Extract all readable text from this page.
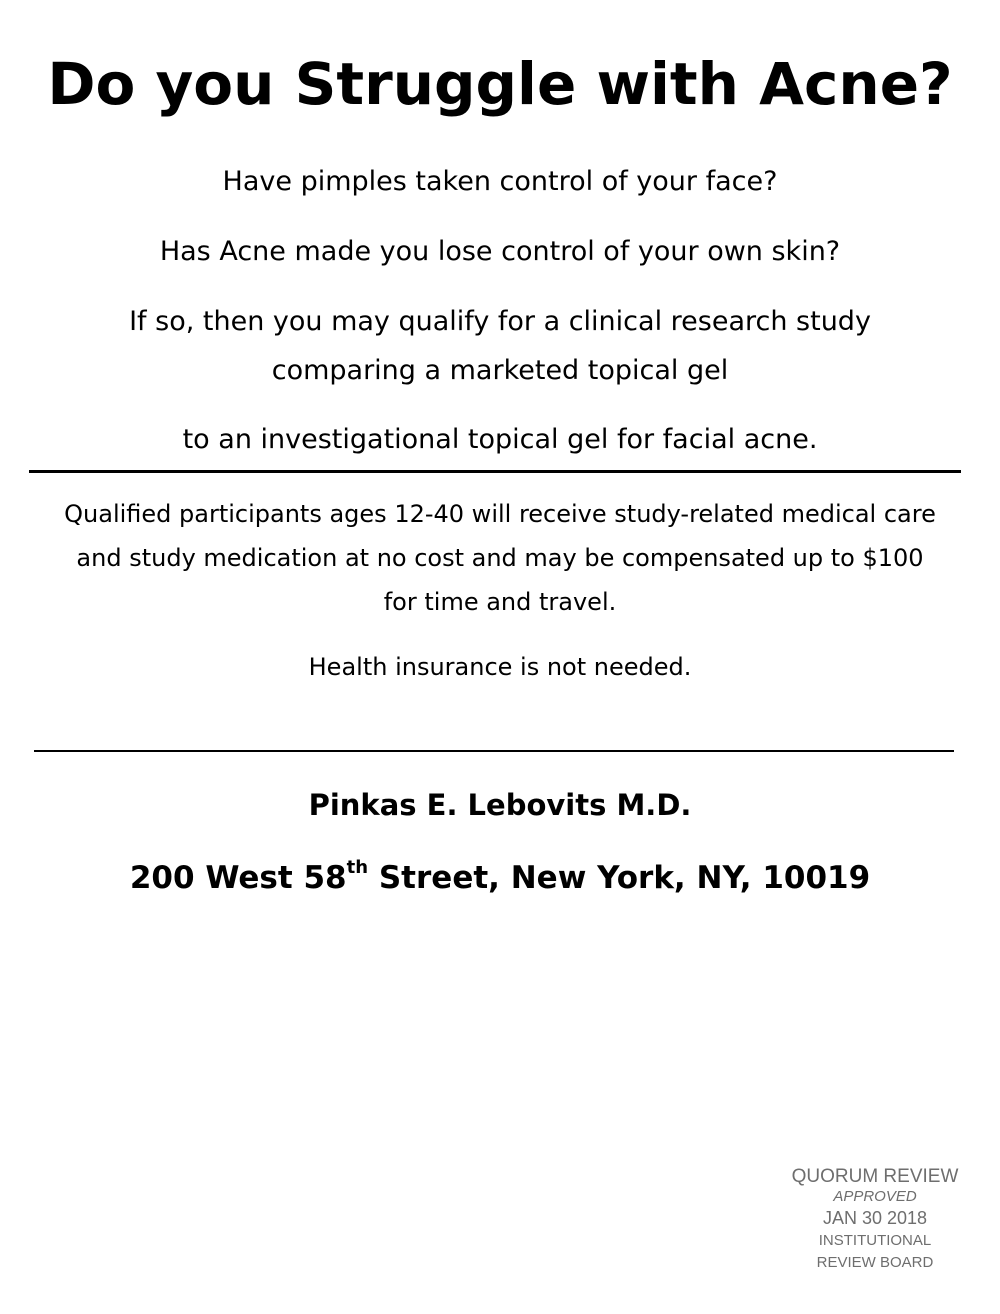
Do you Struggle with Acne?
Have pimples taken control of your face?
Has Acne made you lose control of your own skin?
If so, then you may qualify for a clinical research study
comparing a marketed topical gel
to an investigational topical gel for facial acne.
Qualified participants ages 12-40 will receive study-related medical care
and study medication at no cost and may be compensated up to $100
for time and travel.
Health insurance is not needed.
Pinkas E. Lebovits M.D.
200 West 58th Street, New York, NY, 10019
QUORUM REVIEW
APPROVED
JAN 30 2018
INSTITUTIONAL
REVIEW BOARD
